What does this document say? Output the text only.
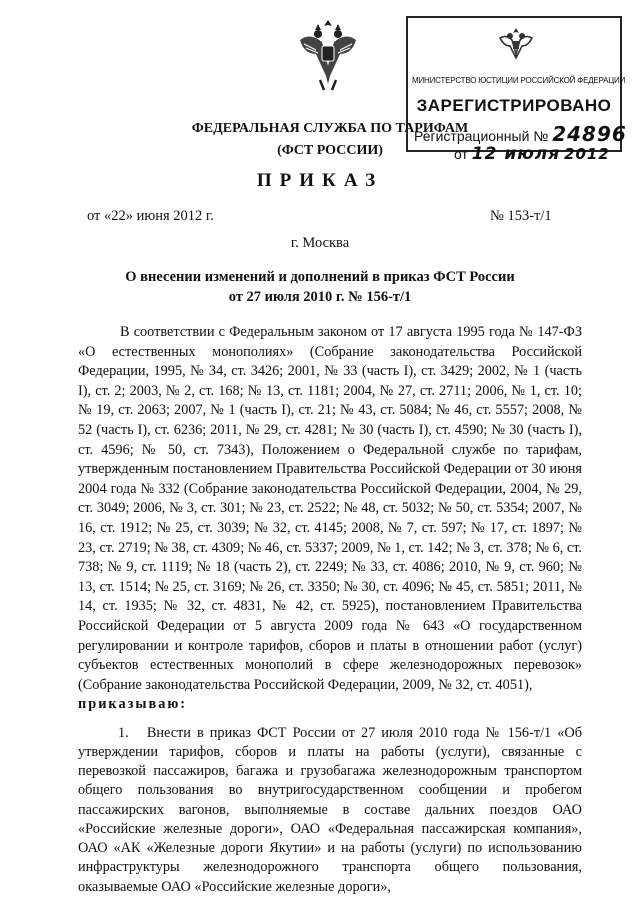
МИНИСТЕРСТВО ЮСТИЦИИ РОССИЙСКОЙ ФЕДЕРАЦИИ
ЗАРЕГИСТРИРОВАНО
Регистрационный № 24896
от 12 июля 2012
ФЕДЕРАЛЬНАЯ СЛУЖБА ПО ТАРИФАМ
(ФСТ РОССИИ)
ПРИКАЗ
от «22» июня 2012 г.	№ 153-т/1
г. Москва
О внесении изменений и дополнений в приказ ФСТ России
от 27 июля 2010 г. № 156-т/1

В соответствии с Федеральным законом от 17 августа 1995 года № 147-ФЗ «О естественных монополиях» (Собрание законодательства Российской Федерации, 1995, № 34, ст. 3426; 2001, № 33 (часть I), ст. 3429; 2002, № 1 (часть I), ст. 2; 2003, № 2, ст. 168; № 13, ст. 1181; 2004, № 27, ст. 2711; 2006, № 1, ст. 10; № 19, ст. 2063; 2007, № 1 (часть I), ст. 21; № 43, ст. 5084; № 46, ст. 5557; 2008, № 52 (часть I), ст. 6236; 2011, № 29, ст. 4281; № 30 (часть I), ст. 4590; № 30 (часть I), ст. 4596; № 50, ст. 7343), Положением о Федеральной службе по тарифам, утвержденным постановлением Правительства Российской Федерации от 30 июня 2004 года № 332 (Собрание законодательства Российской Федерации, 2004, № 29, ст. 3049; 2006, № 3, ст. 301; № 23, ст. 2522; № 48, ст. 5032; № 50, ст. 5354; 2007, № 16, ст. 1912; № 25, ст. 3039; № 32, ст. 4145; 2008, № 7, ст. 597; № 17, ст. 1897; № 23, ст. 2719; № 38, ст. 4309; № 46, ст. 5337; 2009, № 1, ст. 142; № 3, ст. 378; № 6, ст. 738; № 9, ст. 1119; № 18 (часть 2), ст. 2249; № 33, ст. 4086; 2010, № 9, ст. 960; № 13, ст. 1514; № 25, ст. 3169; № 26, ст. 3350; № 30, ст. 4096; № 45, ст. 5851; 2011, № 14, ст. 1935; № 32, ст. 4831, № 42, ст. 5925), постановлением Правительства Российской Федерации от 5 августа 2009 года № 643 «О государственном регулировании и контроле тарифов, сборов и платы в отношении работ (услуг) субъектов естественных монополий в сфере железнодорожных перевозок» (Собрание законодательства Российской Федерации, 2009, № 32, ст. 4051),
приказываю:

1. Внести в приказ ФСТ России от 27 июля 2010 года № 156-т/1 «Об утверждении тарифов, сборов и платы на работы (услуги), связанные с перевозкой пассажиров, багажа и грузобагажа железнодорожным транспортом общего пользования во внутригосударственном сообщении и пробегом пассажирских вагонов, выполняемые в составе дальних поездов ОАО «Российские железные дороги», ОАО «Федеральная пассажирская компания», ОАО «АК «Железные дороги Якутии» и на работы (услуги) по использованию инфраструктуры железнодорожного транспорта общего пользования, оказываемые ОАО «Российские железные дороги»,
